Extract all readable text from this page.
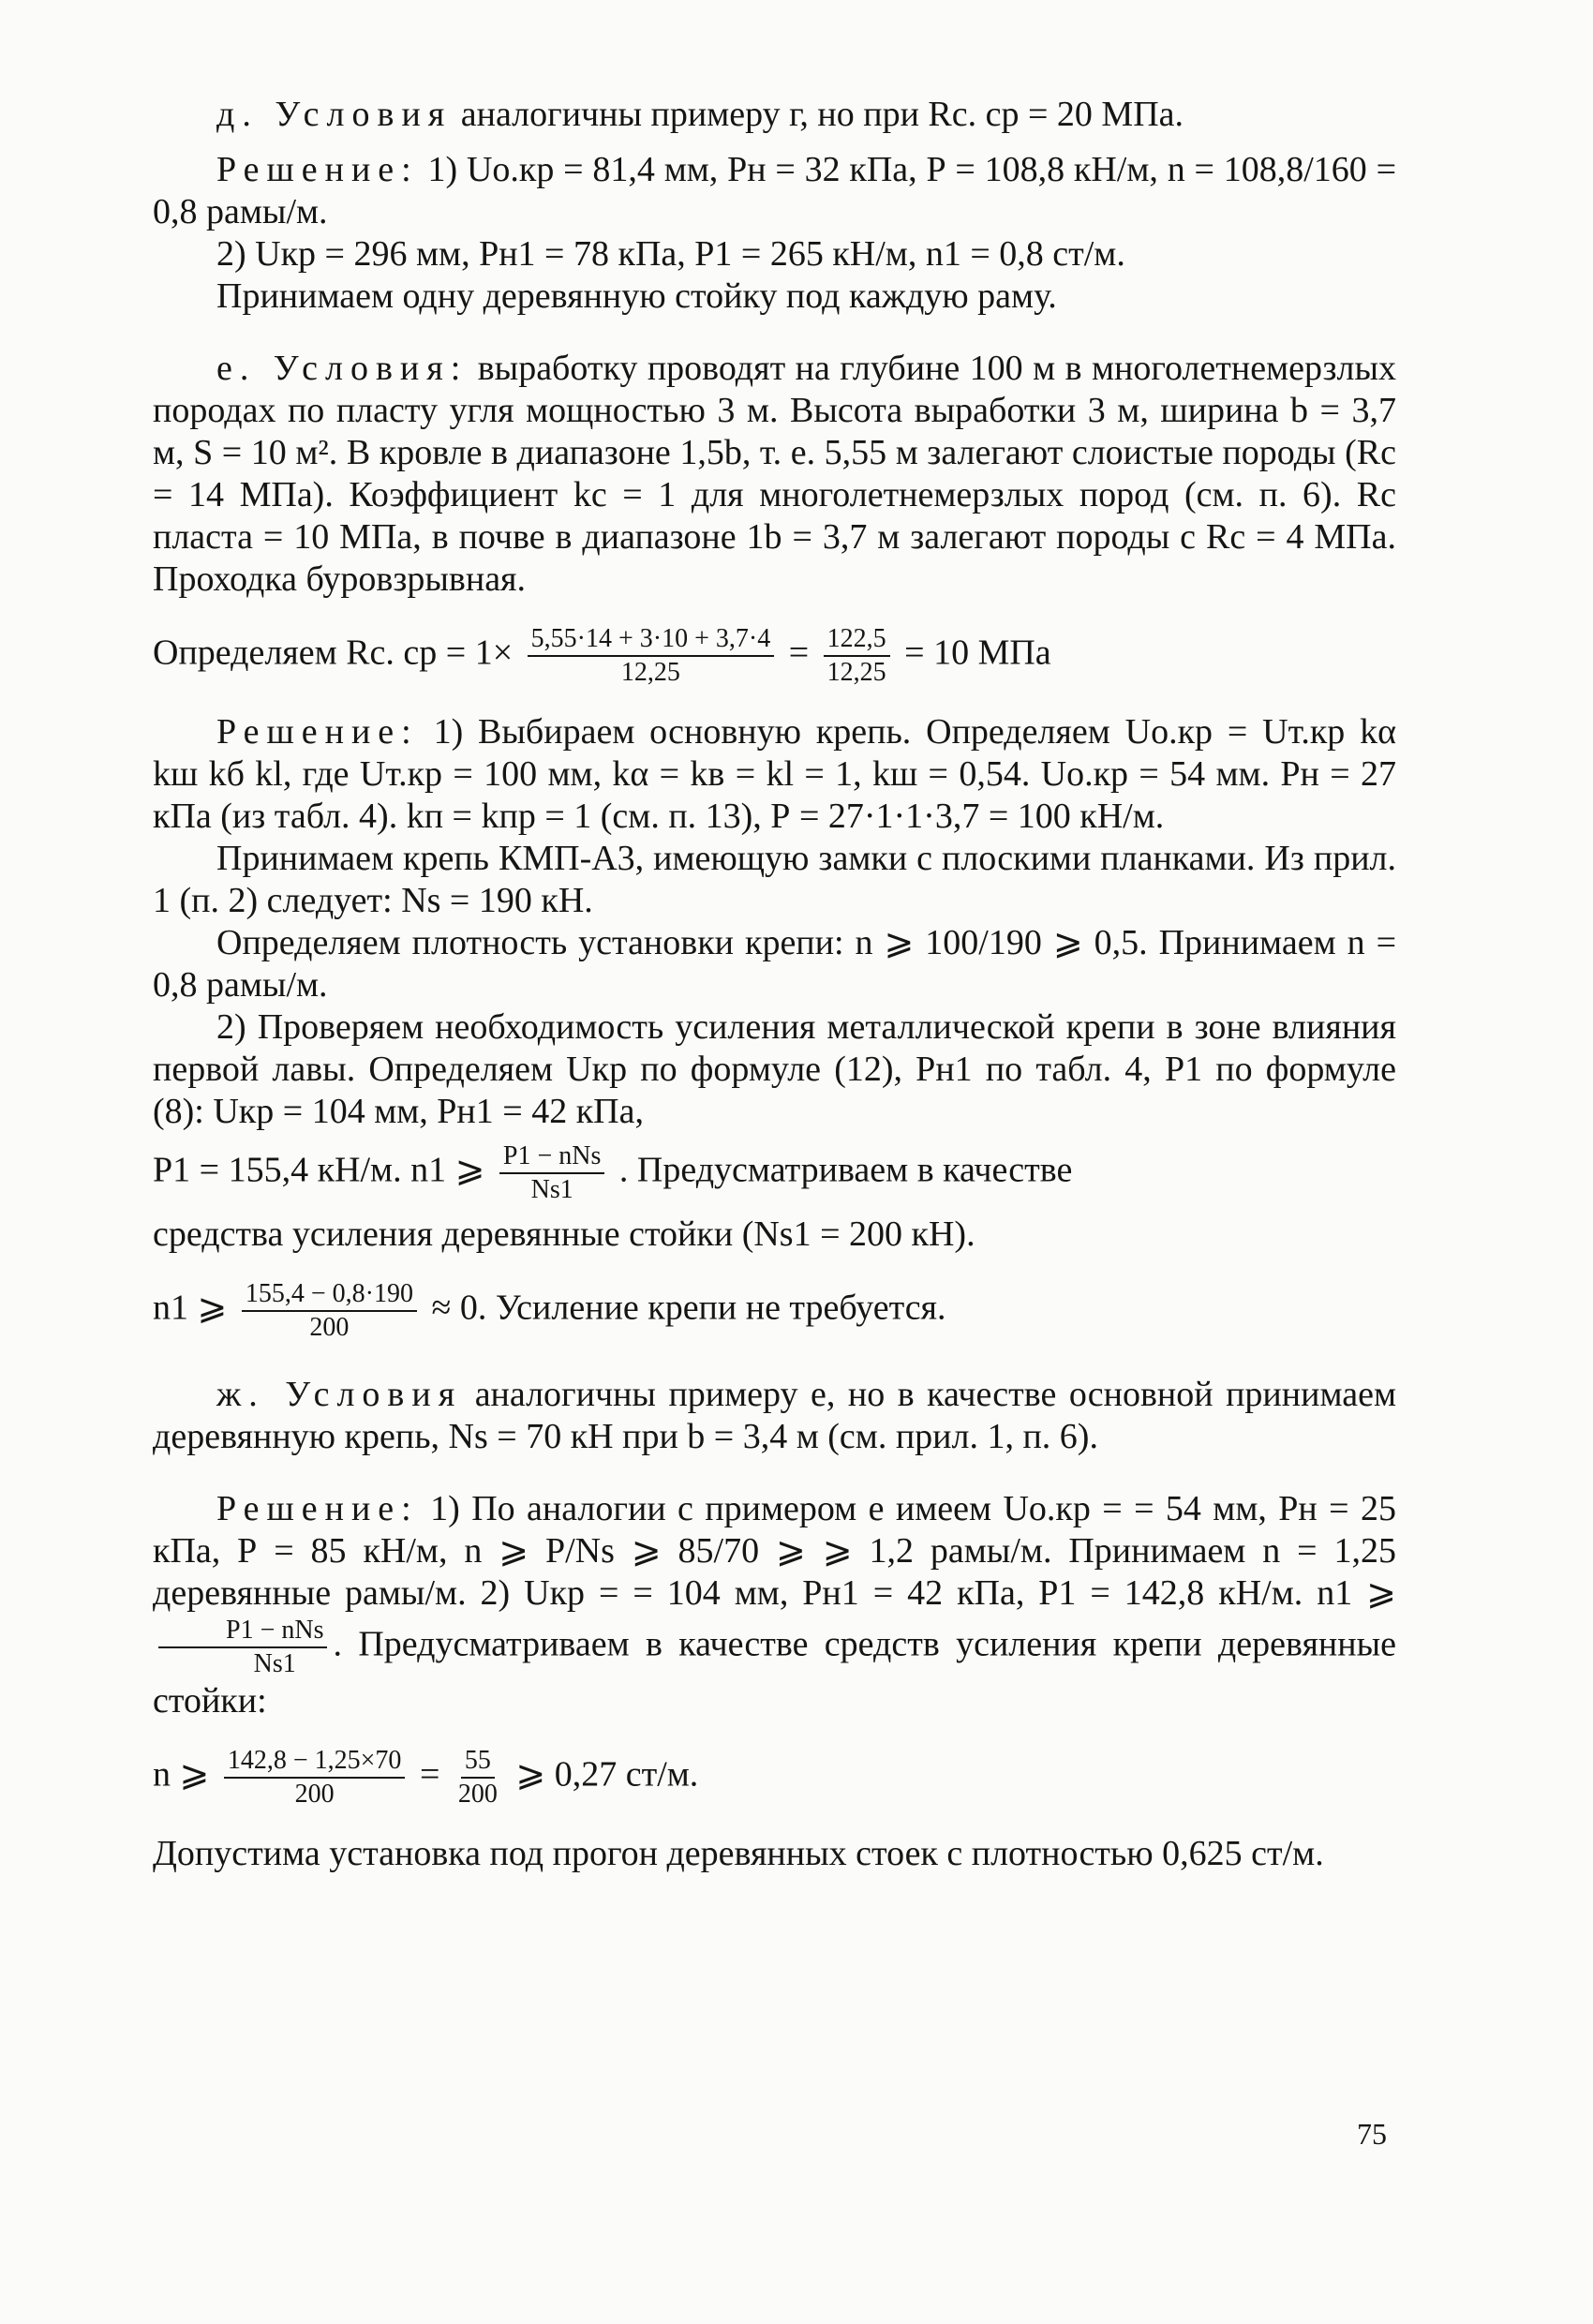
д. Условия аналогичны примеру г, но при Rс. ср = 20 МПа.

Решение: 1) Uо.кр = 81,4 мм, Рн = 32 кПа, Р = 108,8 кН/м, n = 108,8/160 = 0,8 рамы/м.

2) Uкр = 296 мм, Рн1 = 78 кПа, Р1 = 265 кН/м, n1 = 0,8 ст/м.

Принимаем одну деревянную стойку под каждую раму.

е. Условия: выработку проводят на глубине 100 м в многолетнемерзлых породах по пласту угля мощностью 3 м. Высота выработки 3 м, ширина b = 3,7 м, S = 10 м². В кровле в диапазоне 1,5b, т. е. 5,55 м залегают слоистые породы (Rс = 14 МПа). Коэффициент kс = 1 для многолетнемерзлых пород (см. п. 6). Rс пласта = 10 МПа, в почве в диапазоне 1b = 3,7 м залегают породы с Rс = 4 МПа. Проходка буровзрывная.

Определяем Rс. ср = $1\times \frac{5,55\cdot 14 + 3\cdot 10 + 3,7\cdot 4}{12,25} = \frac{122,5}{12,25} = 10$ МПа

Решение: 1) Выбираем основную крепь. Определяем Uо.кр = Uт.кр kα kш kб kl, где Uт.кр = 100 мм, kα = kв = kl = 1, kш = 0,54. Uо.кр = 54 мм. Рн = 27 кПа (из табл. 4). kп = kпр = 1 (см. п. 13), Р = 27·1·1·3,7 = 100 кН/м.

Принимаем крепь КМП-А3, имеющую замки с плоскими планками. Из прил. 1 (п. 2) следует: Ns = 190 кН.

Определяем плотность установки крепи: n ⩾ 100/190 ⩾ 0,5. Принимаем n = 0,8 рамы/м.

2) Проверяем необходимость усиления металлической крепи в зоне влияния первой лавы. Определяем Uкр по формуле (12), Рн1 по табл. 4, Р1 по формуле (8): Uкр = 104 мм, Рн1 = 42 кПа,

Р1 = 155,4 кН/м. n1 ⩾ $\frac{\text{Р1 − nNs}}{Ns1}$ . Предусматриваем в качестве

средства усиления деревянные стойки (Ns1 = 200 кН).

n1 ⩾ $\frac{155,4 - 0,8\cdot 190}{200} \approx 0$. Усиление крепи не требуется.

ж. Условия аналогичны примеру е, но в качестве основной принимаем деревянную крепь, Ns = 70 кН при b = 3,4 м (см. прил. 1, п. 6).

Решение: 1) По аналогии с примером е имеем Uо.кр = = 54 мм, Рн = 25 кПа, Р = 85 кН/м, n ⩾ P/Ns ⩾ 85/70 ⩾ ⩾ 1,2 рамы/м. Принимаем n = 1,25 деревянные рамы/м. 2) Uкр = = 104 мм, Рн1 = 42 кПа, Р1 = 142,8 кН/м. n1 ⩾
$\frac{\text{Р1 − nNs}}{Ns1}$ . Предусматриваем в качестве средств усиления крепи деревянные стойки:

n ⩾ $\frac{142,8 - 1,25\times 70}{200} = \frac{55}{200}$ ⩾ 0,27 ст/м.

Допустима установка под прогон деревянных стоек с плотностью 0,625 ст/м.

75
